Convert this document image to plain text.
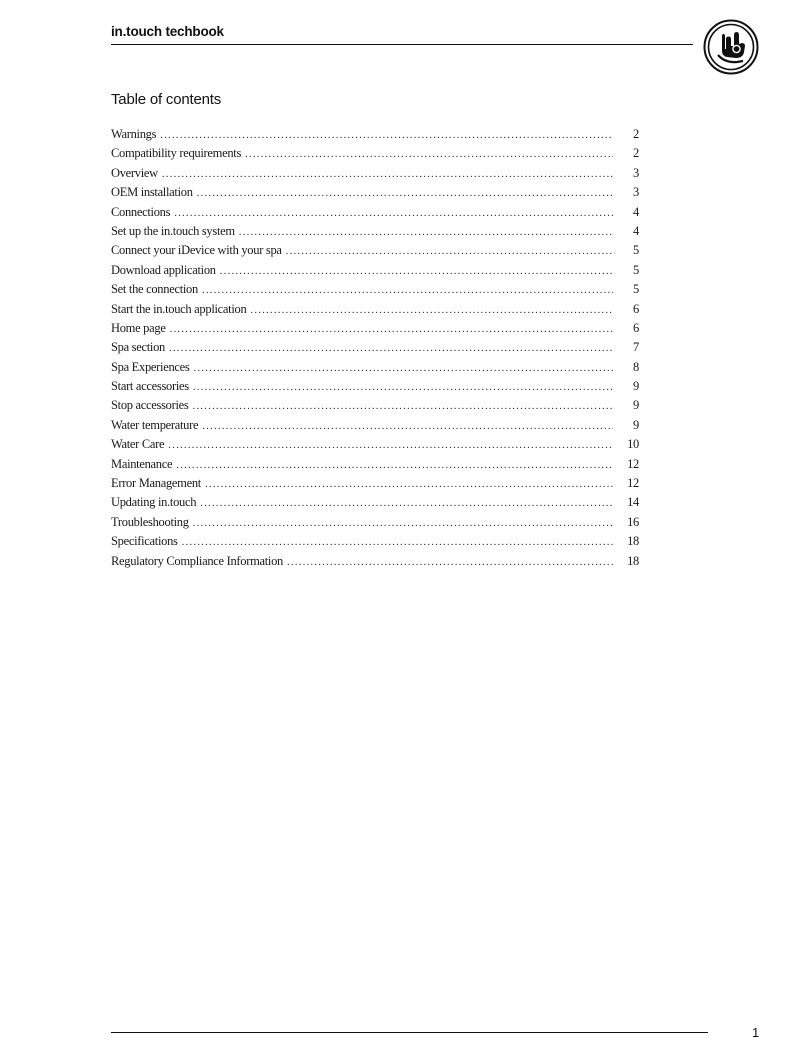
in.touch techbook
Table of contents
Warnings . . .	2
Compatibility requirements . . .	2
Overview . . .	3
OEM installation . . .	3
Connections . . .	4
Set up the in.touch system . . .	4
Connect your iDevice with your spa . . .	5
Download application . . .	5
Set the connection . . .	5
Start the in.touch application . . .	6
Home page . . .	6
Spa section . . .	7
Spa Experiences . . .	8
Start accessories . . .	9
Stop accessories . . .	9
Water temperature . . .	9
Water Care . . .	10
Maintenance . . .	12
Error Management . . .	12
Updating in.touch . . .	14
Troubleshooting . . .	16
Specifications . . .	18
Regulatory Compliance Information . . .	18
1
